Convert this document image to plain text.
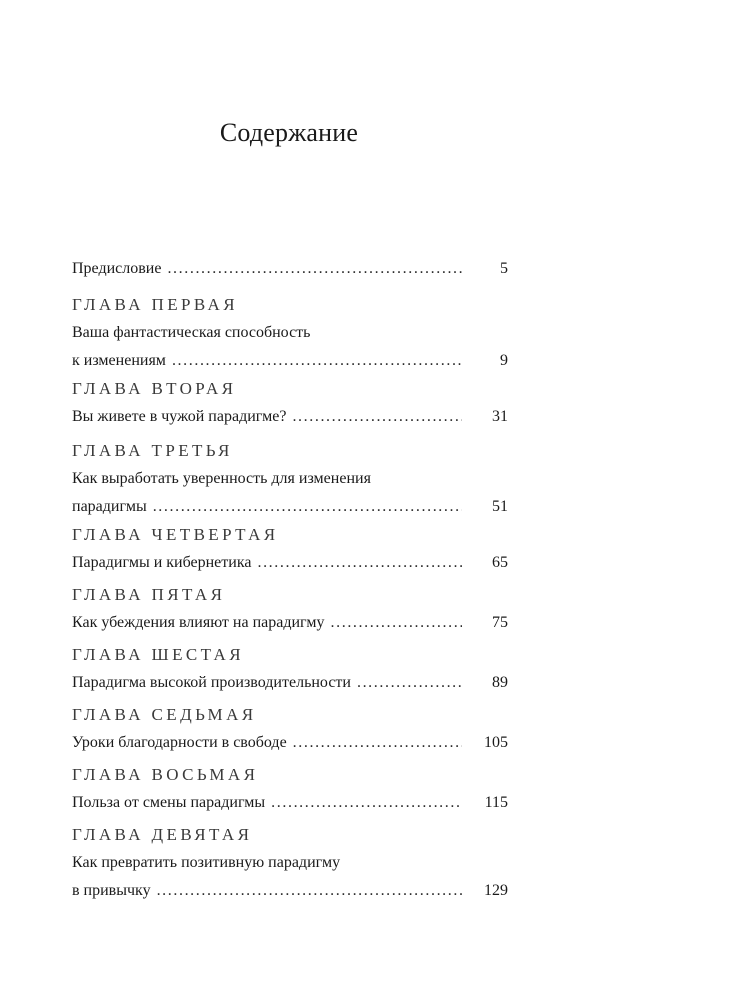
Содержание
Предисловие . . .	5
ГЛАВА ПЕРВАЯ
Ваша фантастическая способность
к изменениям . . .	9
ГЛАВА ВТОРАЯ
Вы живете в чужой парадигме? . . .	31
ГЛАВА ТРЕТЬЯ
Как выработать уверенность для изменения
парадигмы . . .	51
ГЛАВА ЧЕТВЕРТАЯ
Парадигмы и кибернетика . . .	65
ГЛАВА ПЯТАЯ
Как убеждения влияют на парадигму . . .	75
ГЛАВА ШЕСТАЯ
Парадигма высокой производительности . . .	89
ГЛАВА СЕДЬМАЯ
Уроки благодарности в свободе . . .	105
ГЛАВА ВОСЬМАЯ
Польза от смены парадигмы . . .	115
ГЛАВА ДЕВЯТАЯ
Как превратить позитивную парадигму
в привычку . . .	129
